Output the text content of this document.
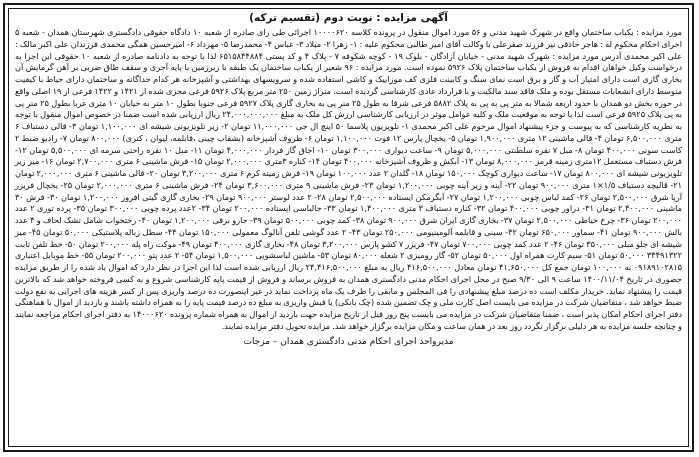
آگهی مزایده : نوبت دوم (تقسیم ترکه)

مورد مزایده : یکباب ساختمان واقع در شهرک شهید مدنی و ۵۶ مورد اموال منقول در پرونده کلاسه ۱۰۰۰۰۶۲۰ اجرائی طی رای صادره از شعبه ۱۰ دادگاه حقوقی دادگستری شهرستان همدان - شعبه ۵ اجرای احکام محکوم له : هاجر حاذقی نیر فرزند صفرعلی با وکالت آقای امیر طالبی محکوم علیه : ۱- زهرا ۲- میلاد ۳- عباس ۴- محمدرضا ۵- مهرداد ۶- امیرحسین همگی محمدی فرزندان علی اکبر مالک : علی اکبر محمدی آدرس مورد مزایده : شهرک شهید مدنی - خیابان آزادگان - بلوک ۱۹ - کوچه شکوفه ۷ - پلاک ۴ و کد پستی ۶۵۱۵۸۴۴۸۸۴ لذا با توجه به دادنامه صادره از شعبه ۱۰ حقوقی این اجرا به درخواست وکیل خواهان اقدام به فروش از یکباب ساختمان پلاک ۵۹۲۶ نموده است. مورد مزایده : ۹۶ شعیر از یکباب ساختمان یک طبقه با زیرزمین با پایه آجری و سقف طاق ضربی بر آهن گرمایش آن بخاری گازی است دارای امتیاز آب و گاز و برق است نمای سنگ و کابینت فلزی کف موزاییک و کاشی استفاده شده و سرویسهای بهداشتی و آشپزخانه هر کدام جداگانه و ساختمان دارای حیاط با کیفیت متوسط دارای انشعابات مستقل بوده و ملک فاقد سند مالکیت و با قرارداد عادی کارشناسی گردیده است. متراژ زمین ۲۵۰ متر مربع پلاک ۵۹۲۶ فرعی مجزی شده از ۱۴۲۱ و ۱۴۲۲ فرعی از ۱۹ اصلی واقع در حوزه بخش دو همدان با حدود اربعه شمالا به متر پی به پی به پلاک ۵۸۸۲ فرعی شرقا به طول ۲۵ متر پی به بخاری گازی پلاک ۵۹۲۷ فرعی جنوبا بطول ۱۰ متر به خیابان ۱۰ متری غربا بطول ۲۵ متر پی به پی پلاک ۵۹۲۵ فرعی است لذا با توجه به موقعیت ملک و کلیه عوامل موثر در ارزیابی کارشناسی ارزش کل ملک به مبلغ ۲۴,۰۰۰,۰۰۰,۰۰۰ ریال ارزیابی شده است ضمنا در خصوص اموال منقول با توجه به نظریه کارشناسی که به پیوست و جزء پیشنهاد اموال مرحوم علی اکبر محمدی ۱- تلویزیون پلاسما ۵۰ اینچ ال جی ۱۱,۰۰۰,۰۰۰ تومان ۲- زیر تلویزیونی شیشه ای ۱,۱۰۰,۰۰۰ تومان ۳- قالی دستباف ۶ متری ۶,۵۰۰,۰۰۰ تومان ۴- قالی ماشینی ۱۲ متری ۱,۹۰۰,۰۰۰ تومان ۵- یخچال پارس ۱۲ فوت ۱,۱۰۰,۰۰۰ تومان ۶- ظروف آشپزخانه (بشقاب چینی ،قابلمه، لیوان ، کتری) ۸۰۰,۰۰۰ تومان ۷- رادیو ضبط ۲ کاست سونی ۴۰۰,۰۰۰ تومان ۸- مبل ۷ نفره سلطنتی ۵,۰۰۰,۰۰۰ تومان ۹- ساعت دیواری ۳۰۰,۰۰۰ تومان ۱۰- اجاق گاز فردار ۴,۰۰۰,۰۰۰ تومان ۱۱- مبل ۱۰ نفره راحتی سرمه ای ۵,۵۰۰,۰۰۰ تومان ۱۲- فرش دستباف مستعمل ۱۲متری زمینه قرمز ۸,۰۰۰,۰۰۰ تومان ۱۳- آبکش و ظروف آشپزخانه ۴۰۰,۰۰۰ تومان ۱۴- کناره ۳متری ۲,۰۰۰,۰۰۰ تومان ۱۵- فرش ماشینی ۶ متری ۲,۷۰۰,۰۰۰ تومان ۱۶- میز زیر تلویزیونی شیشه ای ۸۰۰,۰۰۰ تومان ۱۷- ساعت دیواری کوچک ۱۵۰,۰۰۰ تومان ۱۸- گلدان ۲ عدد ۱۰۰,۰۰۰ تومان ۱۹- فرش زمینه کرم ۶ متری ۳,۲۰۰,۰۰۰ تومان ۲۰- قالی ماشینی ۶ متری ۲,۰۰۰,۰۰۰ تومان ۲۱- قالیچه دستباف ۱/۵×۱ متری ۹۰۰,۰۰۰ تومان ۲۲- آینه و زیر آینه چوبی ۱,۲۰۰,۰۰۰ تومان ۲۳- فرش ماشینی ۹ متری ۳,۶۰۰,۰۰۰ تومان ۲۴- فرش ماشینی ۶ متری ۲,۰۰۰,۰۰۰ تومان ۲۵- یخچال فریزر آریا شرق ۲,۵۰۰,۰۰۰ تومان ۲۶- کمد لباس چوبی ۱,۲۰۰,۰۰۰ تومان ۲۷- آبگرمکن ایستاده ۲,۵۰۰,۰۰۰ تومان ۲۸- ۲ عدد لوستر ۹۰۰,۰۰۰ تومان ۲۹- بخاری گازی گیتی افروز ۱,۲۰۰,۰۰۰ تومان ۳۰- فرش ۳۰ ماشینی ۲,۴۰۰,۰۰۰ تومان ۳۱- دراور چوبی ۴۰۰,۰۰۰ تومان ۳۲- کناره دستباف ۳ متری ۱,۴۰۰,۰۰۰ تومان ۳۳- جالباسی ایستاده ۲۰۰,۰۰۰ تومان ۳۴- ۲عدد پرده چوبی ۳۰۰,۰۰۰ تومان ۳۵- پرده توری ۲ عدد ۲۰۰,۰۰۰ تومان ۳۶- چرخ خیاطی ۲,۵۰۰,۰۰۰ تومان ۳۷- بخاری گازی ایران شرق ۹۰۰,۰۰۰ تومان ۳۸- کمد چوبی ۵۰۰,۰۰۰ تومان ۳۹- جارو برقی ۱,۲۰۰,۰۰۰ تومان ۴۰- رختخواب شامل تشک لحاف و ۴ عدد بالش ۹۰۰,۰۰۰ تومان ۴۱- سماور ۶۵۰,۰۰۰ تومان ۴۲- سینی و قابلمه آلومینیومی ۲۵۰,۰۰۰ تومان ۴۳- ۲ عدد گوشی تلفن آنالوگ معمولی ۱۵۰,۰۰۰ تومان ۴۴- سطل زباله پلاستیکی ۵۰,۰۰۰ تومان ۴۵- میز شیشه ای جلو مبلی ۳۵۰,۰۰۰ تومان ۴۶- ۲ عدد کمد چوبی ۷۰۰,۰۰۰ تومان ۴۷- فریزر ۷ کشو پارس ۳,۲۰۰,۰۰۰ تومان ۴۸- بخاری گازی ۴۰۰,۰۰۰ تومان ۴۹- موکت راه پله ۲۰۰,۰۰۰ تومان ۵۰- خط تلفن ثابت ۳۴۴۹۱۳۲۲ ۵۰,۰۰۰ تومان ۵۱- سیم کارت همراه اول ۵۰,۰۰۰ تومان ۵۲- گاز رومیزی ۲ شعله ۸۰,۰۰۰ تومان ۵۳- ماشین لباسشویی ۱,۵۰۰,۰۰۰ تومان ۵۴- ۲ عدد پتو ۲۰۰,۰۰۰ تومان ۵۵- خط موبایل اعتباری ۰۹۱۸۹۱۰۲۸۱۵ به ۱۰۰,۰۰۰ تومان جمع کل ۴۱,۶۵۰,۰۰۰ تومان معادل ۴۱۶,۵۰۰,۰۰۰ ریال به مبلغ ۲۴,۴۱۶,۵۰۰,۰۰۰ ریال ارزیابی شده است لذا این اجرا در نظر دارد که اموال یاد شده را از طریق مزایده حضوری در تاریخ ۱۴۰۰/۱۱/۰۴ ساعت ۹ الی ۹/۳۰ صبح در محل اجرای احکام مدنی دادگستری همدان به فروش برساند و فروش از قیمت پایه کارشناسی شروع و به کسی فروخته خواهد شد که بالاترین قیمت را پیشنهاد نماید. خریدار مکلف است ده درصد مبلغ پیشنهادی را فی المجلس و مابقی را ظرف یک ماه پرداخت نماید در غیر اینصورت ده درصد واریزی پس از کسر هزینه های اجرایی به نفع دولت ضبط خواهد شد ، متقاضیان شرکت در مزایده می بایست اصل کارت ملی و چک تضمین شده (چک بانکی) یا فیش واریزی به مبلغ ده درصد قیمت پایه را به همراه داشته باشند و بازدید از اموال با هماهنگی دفتر اجرای احکام امکان پذیر است ، ضمنا متقاضیان شرکت در مزایده می بایست پنج روز قبل از تاریخ مزایده جهت بازدید از اموال به همراه شماره پرونده ۱۴۰۰۰۶۲۰ به دفتر اجرای احکام مراجعه نمایند و چنانچه جلسه مزایده به هر دلیلی برگزار نگردد روز بعد در همان ساعت و مکان مزایده برگزار خواهد شد. مزایده تحویل دفتر مزایده نمایند.

مدیرواحد اجرای احکام مدنی دادگستری همدان – مزجات
